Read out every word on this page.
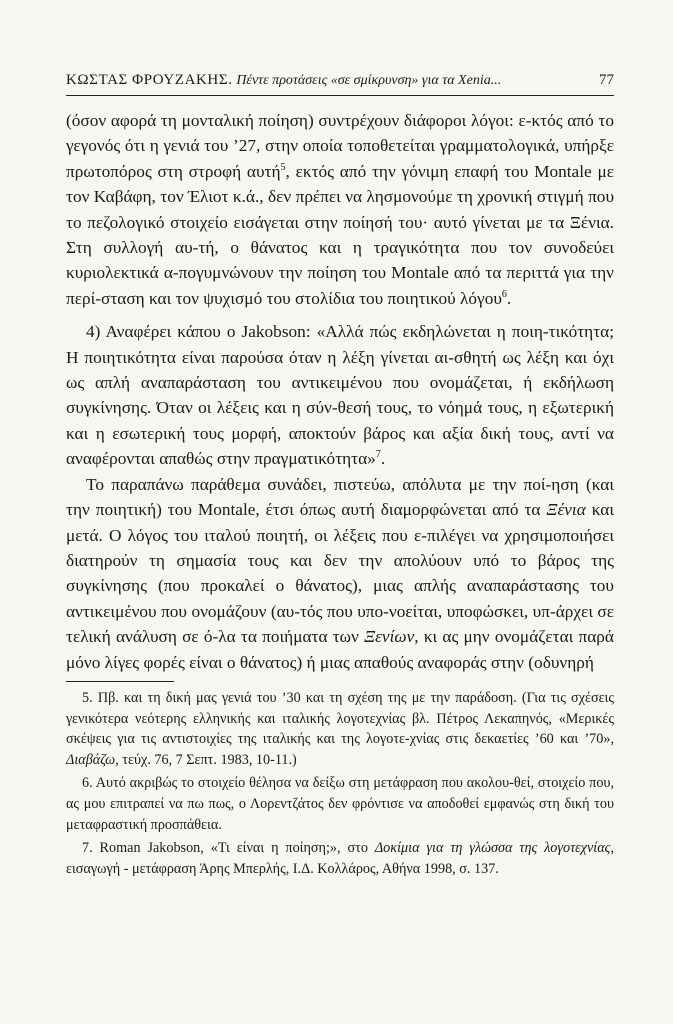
ΚΩΣΤΑΣ ΦΡΟΥΖΑΚΗΣ. Πέντε προτάσεις «σε σμίκρυνση» για τα Xenia...	77

(όσον αφορά τη μονταλική ποίηση) συντρέχουν διάφοροι λόγοι: ε-κτός από το γεγονός ότι η γενιά του ’27, στην οποία τοποθετείται γραμματολογικά, υπήρξε πρωτοπόρος στη στροφή αυτή$^5$, εκτός από την γόνιμη επαφή του Montale με τον Καβάφη, τον Έλιοτ κ.ά., δεν πρέπει να λησμονούμε τη χρονική στιγμή που το πεζολογικό στοιχείο εισάγεται στην ποίησή του· αυτό γίνεται με τα Ξένια. Στη συλλογή αυ-τή, ο θάνατος και η τραγικότητα που τον συνοδεύει κυριολεκτικά α-πογυμνώνουν την ποίηση του Montale από τα περιττά για την περί-σταση και τον ψυχισμό του στολίδια του ποιητικού λόγου$^6$.

4) Αναφέρει κάπου ο Jakobson: «Αλλά πώς εκδηλώνεται η ποιη-τικότητα; Η ποιητικότητα είναι παρούσα όταν η λέξη γίνεται αι-σθητή ως λέξη και όχι ως απλή αναπαράσταση του αντικειμένου που ονομάζεται, ή εκδήλωση συγκίνησης. Όταν οι λέξεις και η σύν-θεσή τους, το νόημά τους, η εξωτερική και η εσωτερική τους μορφή, αποκτούν βάρος και αξία δική τους, αντί να αναφέρονται απαθώς στην πραγματικότητα»$^7$.

Το παραπάνω παράθεμα συνάδει, πιστεύω, απόλυτα με την ποί-ηση (και την ποιητική) του Montale, έτσι όπως αυτή διαμορφώνεται από τα Ξένια και μετά. Ο λόγος του ιταλού ποιητή, οι λέξεις που ε-πιλέγει να χρησιμοποιήσει διατηρούν τη σημασία τους και δεν την απολύουν υπό το βάρος της συγκίνησης (που προκαλεί ο θάνατος), μιας απλής αναπαράστασης του αντικειμένου που ονομάζουν (αυ-τός που υπο-νοείται, υποφώσκει, υπ-άρχει σε τελική ανάλυση σε ό-λα τα ποιήματα των Ξενίων, κι ας μην ονομάζεται παρά μόνο λίγες φορές είναι ο θάνατος) ή μιας απαθούς αναφοράς στην (οδυνηρή

5. Πβ. και τη δική μας γενιά του ’30 και τη σχέση της με την παράδοση. (Για τις σχέσεις γενικότερα νεότερης ελληνικής και ιταλικής λογοτεχνίας βλ. Πέτρος Λεκαπηνός, «Μερικές σκέψεις για τις αντιστοιχίες της ιταλικής και της λογοτε-χνίας στις δεκαετίες ’60 και ’70», Διαβάζω, τεύχ. 76, 7 Σεπτ. 1983, 10-11.)

6. Αυτό ακριβώς το στοιχείο θέλησα να δείξω στη μετάφραση που ακολου-θεί, στοιχείο που, ας μου επιτραπεί να πω πως, ο Λορεντζάτος δεν φρόντισε να αποδοθεί εμφανώς στη δική του μεταφραστική προσπάθεια.

7. Roman Jakobson, «Τι είναι η ποίηση;», στο Δοκίμια για τη γλώσσα της λογοτεχνίας, εισαγωγή - μετάφραση Άρης Μπερλής, Ι.Δ. Κολλάρος, Αθήνα 1998, σ. 137.
